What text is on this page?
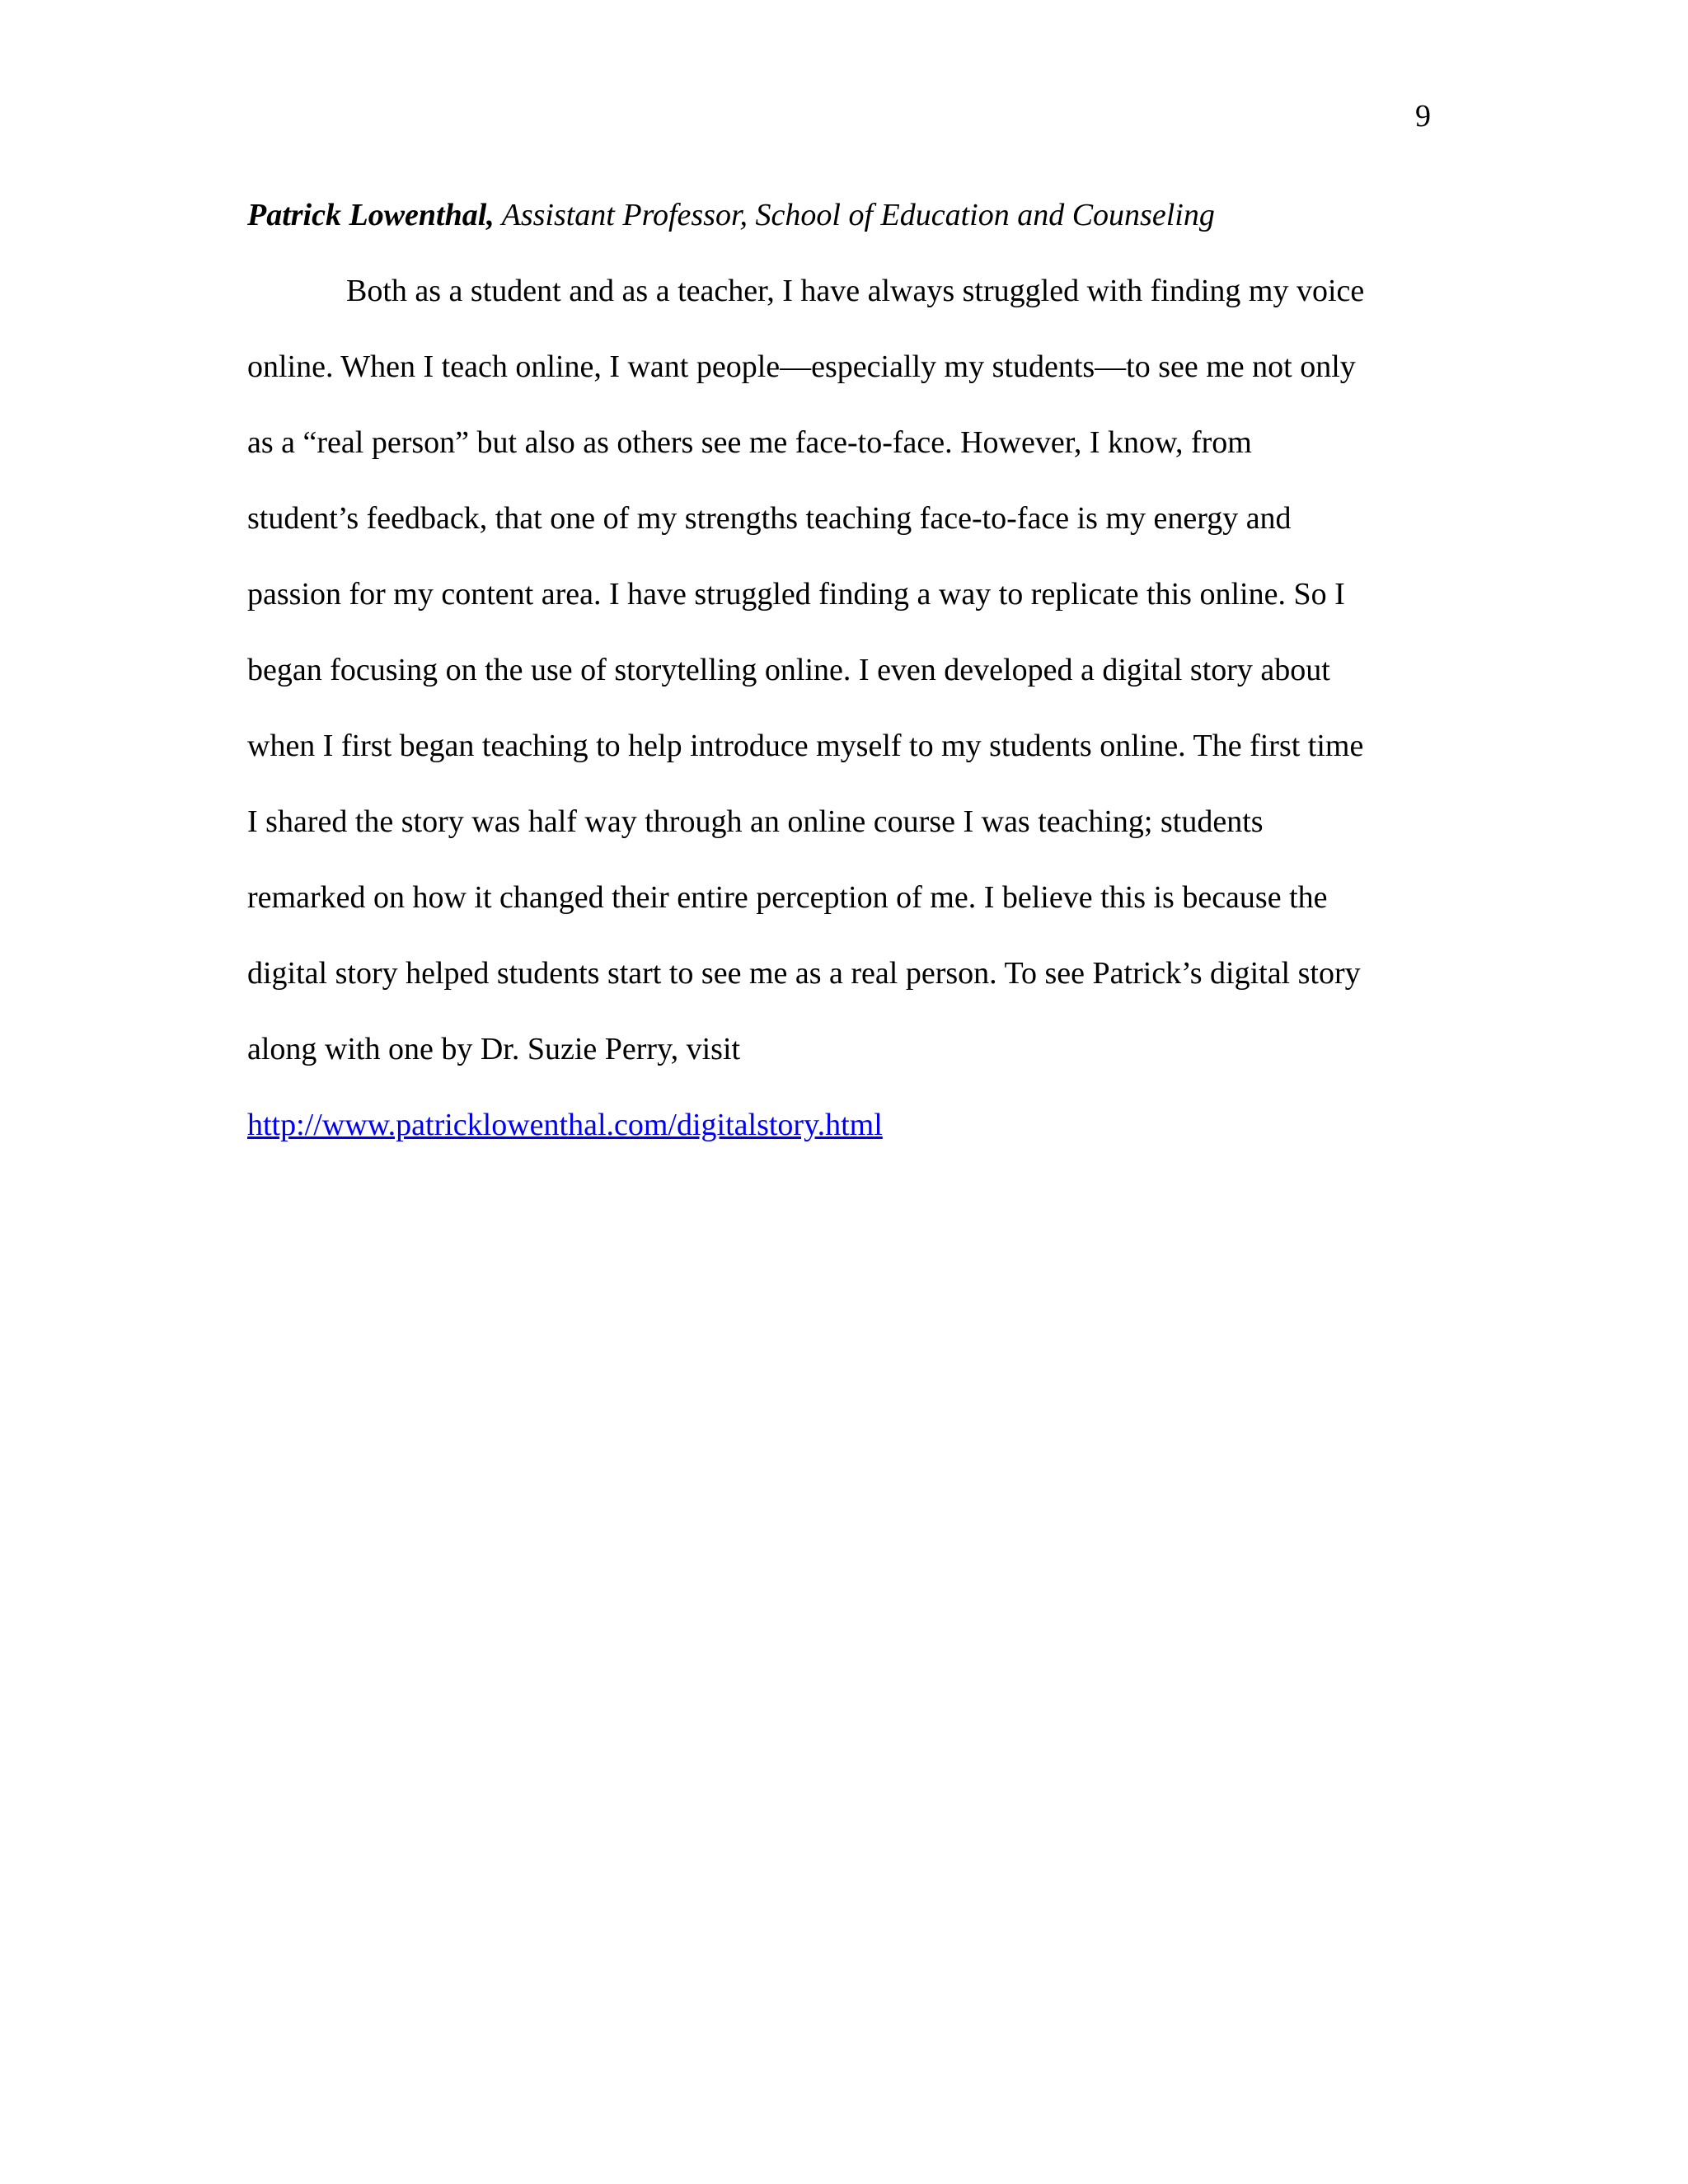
9

Patrick Lowenthal, Assistant Professor, School of Education and Counseling

Both as a student and as a teacher, I have always struggled with finding my voice
online. When I teach online, I want people—especially my students—to see me not only
as a “real person” but also as others see me face-to-face. However, I know, from
student’s feedback, that one of my strengths teaching face-to-face is my energy and
passion for my content area. I have struggled finding a way to replicate this online. So I
began focusing on the use of storytelling online. I even developed a digital story about
when I first began teaching to help introduce myself to my students online. The first time
I shared the story was half way through an online course I was teaching; students
remarked on how it changed their entire perception of me. I believe this is because the
digital story helped students start to see me as a real person. To see Patrick’s digital story
along with one by Dr. Suzie Perry, visit
http://www.patricklowenthal.com/digitalstory.html
